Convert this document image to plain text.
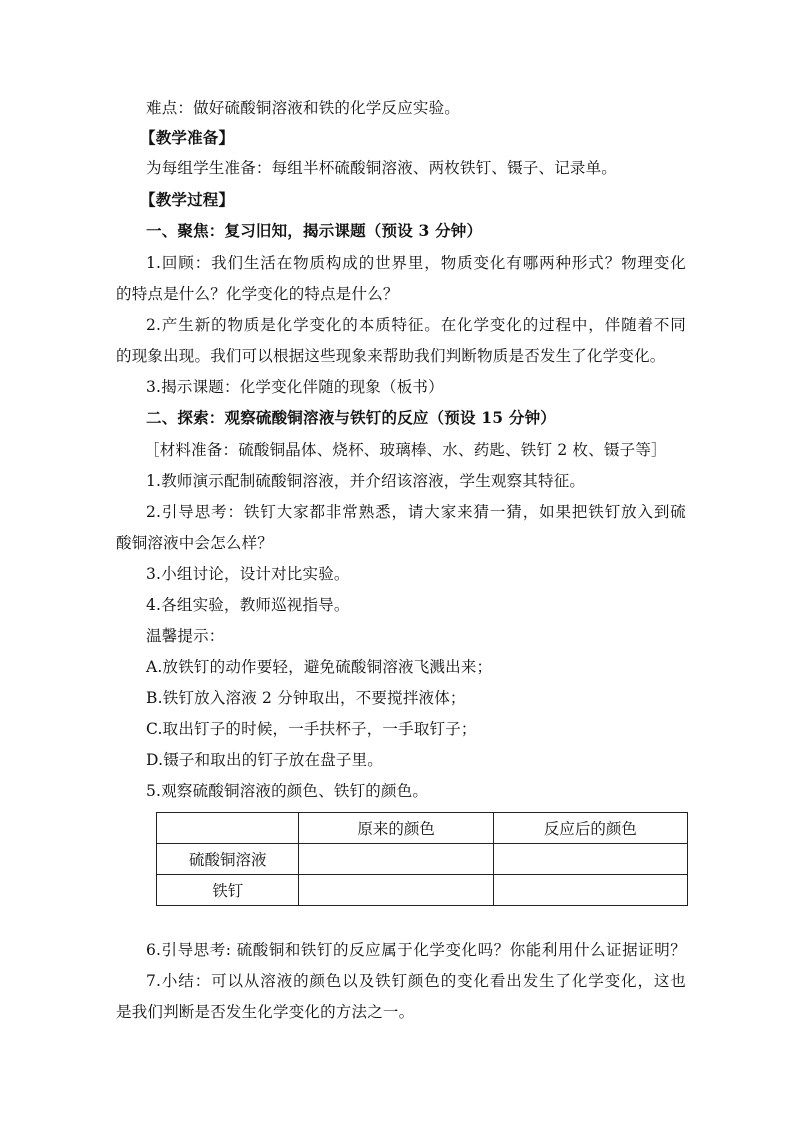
难点：做好硫酸铜溶液和铁的化学反应实验。
【教学准备】
为每组学生准备：每组半杯硫酸铜溶液、两枚铁钉、镊子、记录单。
【教学过程】
一、聚焦：复习旧知，揭示课题（预设 3 分钟）
1.回顾：我们生活在物质构成的世界里，物质变化有哪两种形式？物理变化
的特点是什么？化学变化的特点是什么？
2.产生新的物质是化学变化的本质特征。在化学变化的过程中，伴随着不同
的现象出现。我们可以根据这些现象来帮助我们判断物质是否发生了化学变化。
3.揭示课题：化学变化伴随的现象（板书）
二、探索：观察硫酸铜溶液与铁钉的反应（预设 15 分钟）
［材料准备：硫酸铜晶体、烧杯、玻璃棒、水、药匙、铁钉 2 枚、镊子等］
1.教师演示配制硫酸铜溶液，并介绍该溶液，学生观察其特征。
2.引导思考：铁钉大家都非常熟悉，请大家来猜一猜，如果把铁钉放入到硫
酸铜溶液中会怎么样？
3.小组讨论，设计对比实验。
4.各组实验，教师巡视指导。
温馨提示：
A.放铁钉的动作要轻，避免硫酸铜溶液飞溅出来；
B.铁钉放入溶液 2 分钟取出，不要搅拌液体；
C.取出钉子的时候，一手扶杯子，一手取钉子；
D.镊子和取出的钉子放在盘子里。
5.观察硫酸铜溶液的颜色、铁钉的颜色。
	原来的颜色	反应后的颜色
硫酸铜溶液		
铁钉		
6.引导思考: 硫酸铜和铁钉的反应属于化学变化吗？你能利用什么证据证明？
7.小结：可以从溶液的颜色以及铁钉颜色的变化看出发生了化学变化，这也
是我们判断是否发生化学变化的方法之一。
